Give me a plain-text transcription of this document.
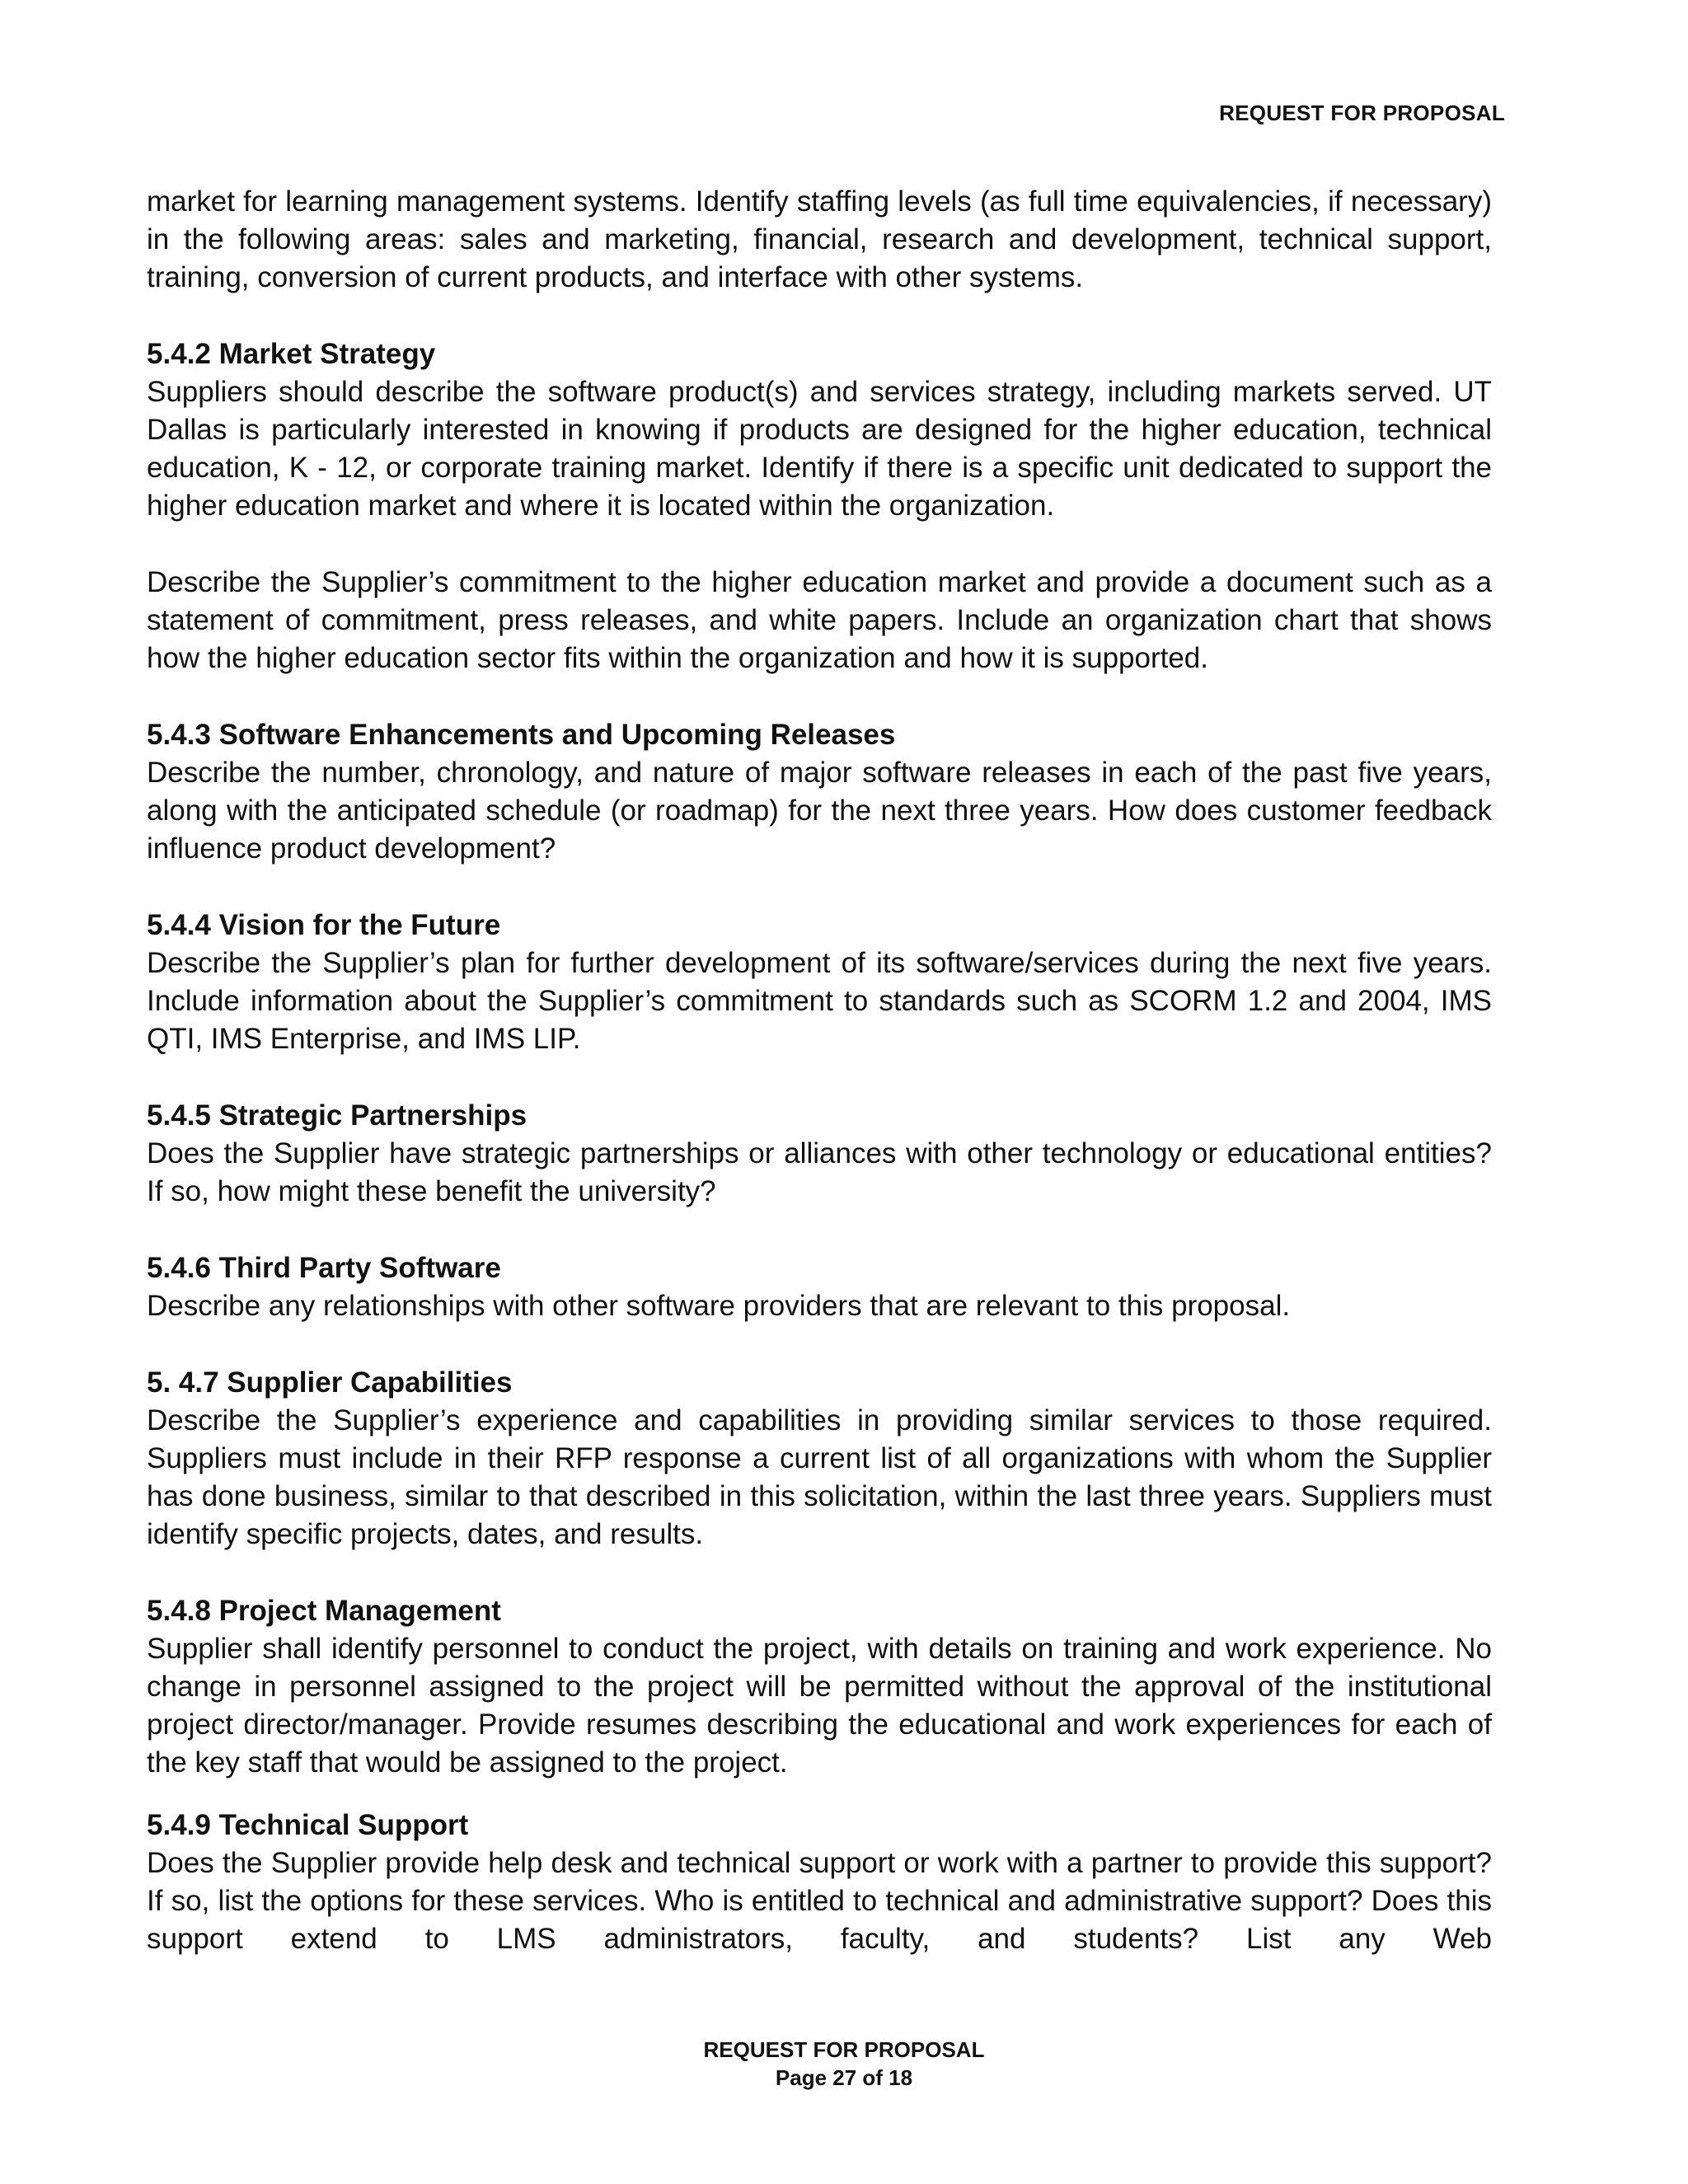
REQUEST FOR PROPOSAL

market for learning management systems. Identify staffing levels (as full time equivalencies, if necessary) in the following areas: sales and marketing, financial, research and development, technical support, training, conversion of current products, and interface with other systems.

5.4.2 Market Strategy

Suppliers should describe the software product(s) and services strategy, including markets served. UT Dallas is particularly interested in knowing if products are designed for the higher education, technical education, K - 12, or corporate training market. Identify if there is a specific unit dedicated to support the higher education market and where it is located within the organization.

Describe the Supplier’s commitment to the higher education market and provide a document such as a statement of commitment, press releases, and white papers. Include an organization chart that shows how the higher education sector fits within the organization and how it is supported.

5.4.3 Software Enhancements and Upcoming Releases

Describe the number, chronology, and nature of major software releases in each of the past five years, along with the anticipated schedule (or roadmap) for the next three years. How does customer feedback influence product development?

5.4.4 Vision for the Future

Describe the Supplier’s plan for further development of its software/services during the next five years. Include information about the Supplier’s commitment to standards such as SCORM 1.2 and 2004, IMS QTI, IMS Enterprise, and IMS LIP.

5.4.5 Strategic Partnerships

Does the Supplier have strategic partnerships or alliances with other technology or educational entities? If so, how might these benefit the university?

5.4.6 Third Party Software

Describe any relationships with other software providers that are relevant to this proposal.

5. 4.7 Supplier Capabilities

Describe the Supplier’s experience and capabilities in providing similar services to those required. Suppliers must include in their RFP response a current list of all organizations with whom the Supplier has done business, similar to that described in this solicitation, within the last three years. Suppliers must identify specific projects, dates, and results.

5.4.8 Project Management

Supplier shall identify personnel to conduct the project, with details on training and work experience. No change in personnel assigned to the project will be permitted without the approval of the institutional project director/manager. Provide resumes describing the educational and work experiences for each of the key staff that would be assigned to the project.

5.4.9 Technical Support

Does the Supplier provide help desk and technical support or work with a partner to provide this support? If so, list the options for these services. Who is entitled to technical and administrative support? Does this support extend to LMS administrators, faculty, and students? List any Web

REQUEST FOR PROPOSAL
Page 27 of 18
